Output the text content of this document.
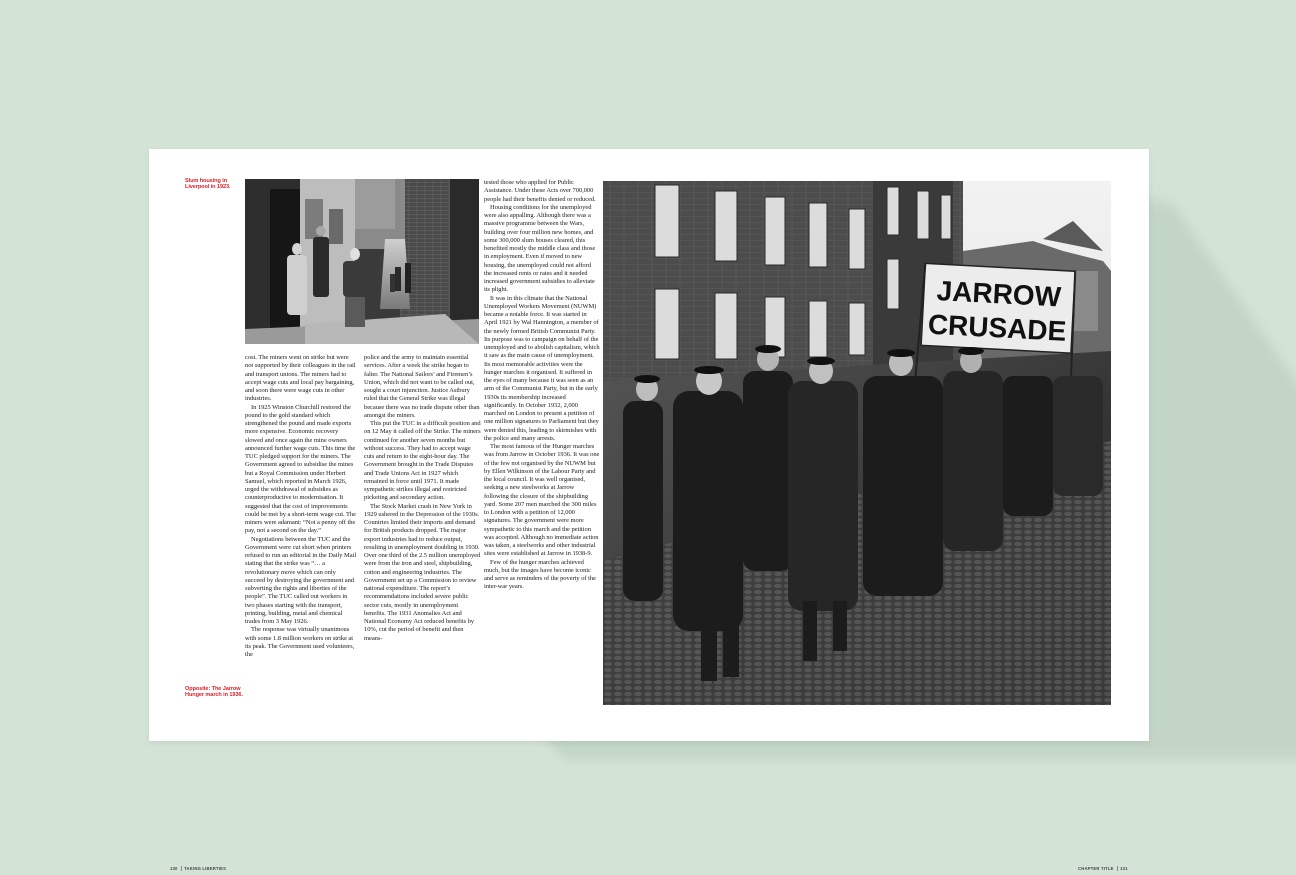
Slum housing in Liverpool in 1923.

Opposite: The Jarrow Hunger march in 1936.

cost. The miners went on strike but were not supported by their colleagues in the rail and transport unions. The miners had to accept wage cuts and local pay bargaining, and soon there were wage cuts in other industries.

In 1925 Winston Churchill restored the pound to the gold standard which strengthened the pound and made exports more expensive. Economic recovery slowed and once again the mine owners announced further wage cuts. This time the TUC pledged support for the miners. The Government agreed to subsidise the mines but a Royal Commission under Herbert Samuel, which reported in March 1926, urged the withdrawal of subsidies as counterproductive to modernisation. It suggested that the cost of improvements could be met by a short-term wage cut. The miners were adamant: “Not a penny off the pay, not a second on the day.”

Negotiations between the TUC and the Government were cut short when printers refused to run an editorial in the Daily Mail stating that the strike was “… a revolutionary move which can only succeed by destroying the government and subverting the rights and liberties of the people”. The TUC called out workers in two phases starting with the transport, printing, building, metal and chemical trades from 3 May 1926.

The response was virtually unanimous with some 1.8 million workers on strike at its peak. The Government used volunteers, the

police and the army to maintain essential services. After a week the strike began to falter. The National Sailors’ and Firemen’s Union, which did not want to be called out, sought a court injunction. Justice Astbury ruled that the General Strike was illegal because there was no trade dispute other than amongst the miners.

This put the TUC in a difficult position and on 12 May it called off the Strike. The miners continued for another seven months but without success. They had to accept wage cuts and return to the eight-hour day. The Government brought in the Trade Disputes and Trade Unions Act in 1927 which remained in force until 1971. It made sympathetic strikes illegal and restricted picketing and secondary action.

The Stock Market crash in New York in 1929 ushered in the Depression of the 1930s. Countries limited their imports and demand for British products dropped. The major export industries had to reduce output, resulting in unemployment doubling in 1930. Over one third of the 2.5 million unemployed were from the iron and steel, shipbuilding, cotton and engineering industries. The Government set up a Commission to review national expenditure. The report’s recommendations included severe public sector cuts, mostly in unemployment benefits. The 1931 Anomalies Act and National Economy Act reduced benefits by 10%, cut the period of benefit and then means-

tested those who applied for Public Assistance. Under these Acts over 700,000 people had their benefits denied or reduced.

Housing conditions for the unemployed were also appalling. Although there was a massive programme between the Wars, building over four million new homes, and some 300,000 slum houses cleared, this benefited mostly the middle class and those in employment. Even if moved to new housing, the unemployed could not afford the increased rents or rates and it needed increased government subsidies to alleviate its plight.

It was in this climate that the National Unemployed Workers Movement (NUWM) became a notable force. It was started in April 1921 by Wal Hannington, a member of the newly formed British Communist Party. Its purpose was to campaign on behalf of the unemployed and to abolish capitalism, which it saw as the main cause of unemployment. Its most memorable activities were the hunger marches it organised. It suffered in the eyes of many because it was seen as an arm of the Communist Party, but in the early 1930s its membership increased significantly. In October 1932, 2,000 marched on London to present a petition of one million signatures to Parliament but they were denied this, leading to skirmishes with the police and many arrests.

The most famous of the Hunger marches was from Jarrow in October 1936. It was one of the few not organised by the NUWM but by Ellen Wilkinson of the Labour Party and the local council. It was well organised, seeking a new steelworks at Jarrow following the closure of the shipbuilding yard. Some 207 men marched the 300 miles to London with a petition of 12,000 signatures. The government were more sympathetic to this march and the petition was accepted. Although no immediate action was taken, a steelworks and other industrial sites were established at Jarrow in 1938-9.

Few of the hunger marches achieved much, but the images have become iconic and serve as reminders of the poverty of the inter-war years.

JARROW
CRUSADE
130 TAKING LIBERTIES	CHAPTER TITLE 131
